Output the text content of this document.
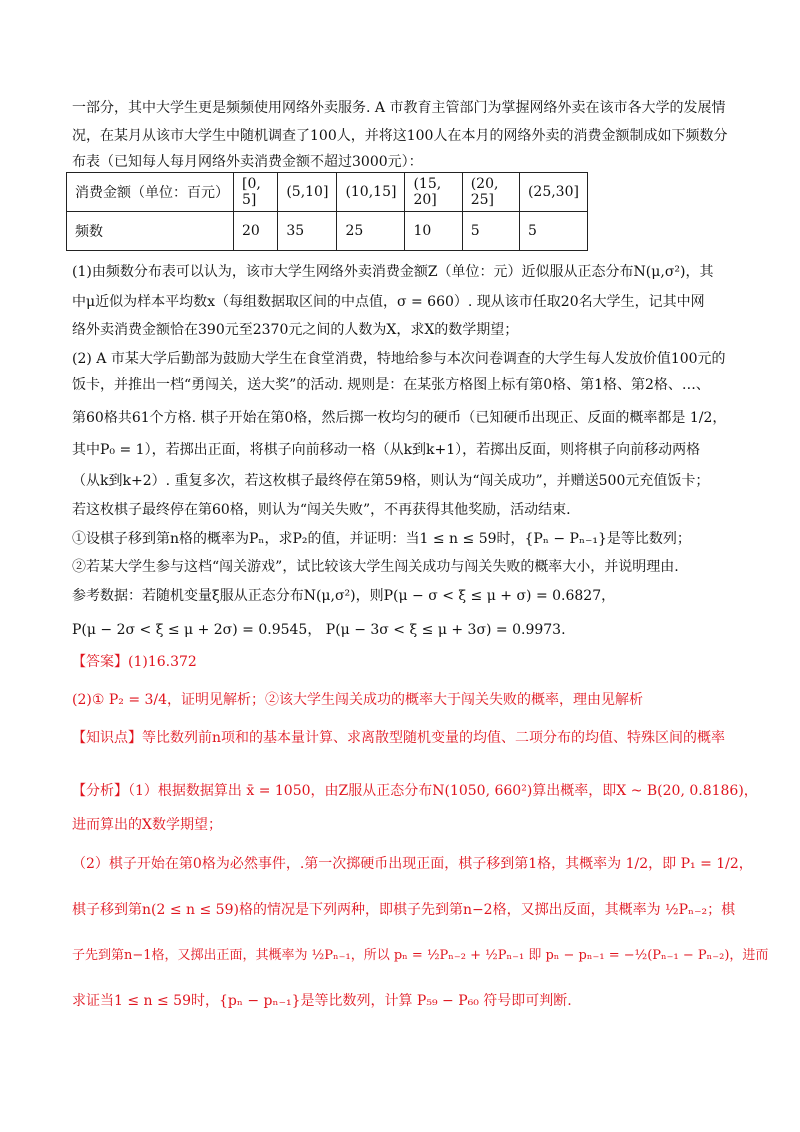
一部分，其中大学生更是频频使用网络外卖服务. A 市教育主管部门为掌握网络外卖在该市各大学的发展情
况，在某月从该市大学生中随机调查了100人，并将这100人在本月的网络外卖的消费金额制成如下频数分
布表（已知每人每月网络外卖消费金额不超过3000元）：
消费金额（单位：百元）	[0, 5]	(5,10]	(10,15]	(15, 20]	(20, 25]	(25,30]
频数	20	35	25	10	5	5
(1)由频数分布表可以认为，该市大学生网络外卖消费金额Z（单位：元）近似服从正态分布N(μ,σ²)，其
中μ近似为样本平均数x（每组数据取区间的中点值，σ = 660）. 现从该市任取20名大学生，记其中网
络外卖消费金额恰在390元至2370元之间的人数为X，求X的数学期望；
(2) A 市某大学后勤部为鼓励大学生在食堂消费，特地给参与本次问卷调查的大学生每人发放价值100元的
饭卡，并推出一档“勇闯关，送大奖”的活动. 规则是：在某张方格图上标有第0格、第1格、第2格、…、
第60格共61个方格. 棋子开始在第0格，然后掷一枚均匀的硬币（已知硬币出现正、反面的概率都是 1/2，
其中P₀ = 1），若掷出正面，将棋子向前移动一格（从k到k+1），若掷出反面，则将棋子向前移动两格
（从k到k+2）. 重复多次，若这枚棋子最终停在第59格，则认为“闯关成功”，并赠送500元充值饭卡；
若这枚棋子最终停在第60格，则认为“闯关失败”，不再获得其他奖励，活动结束.
①设棋子移到第n格的概率为Pₙ，求P₂的值，并证明：当1 ≤ n ≤ 59时，{Pₙ − Pₙ₋₁}是等比数列；
②若某大学生参与这档“闯关游戏”，试比较该大学生闯关成功与闯关失败的概率大小，并说明理由.
参考数据：若随机变量ξ服从正态分布N(μ,σ²)，则P(μ − σ < ξ ≤ μ + σ) = 0.6827，
P(μ − 2σ < ξ ≤ μ + 2σ) = 0.9545， P(μ − 3σ < ξ ≤ μ + 3σ) = 0.9973.
【答案】(1)16.372
(2)① P₂ = 3/4，证明见解析；②该大学生闯关成功的概率大于闯关失败的概率，理由见解析
【知识点】等比数列前n项和的基本量计算、求离散型随机变量的均值、二项分布的均值、特殊区间的概率
【分析】（1）根据数据算出 x̄ = 1050，由Z服从正态分布N(1050, 660²)算出概率，即X ~ B(20, 0.8186)，
进而算出的X数学期望；
（2）棋子开始在第0格为必然事件，.第一次掷硬币出现正面，棋子移到第1格，其概率为 1/2，即 P₁ = 1/2，
棋子移到第n(2 ≤ n ≤ 59)格的情况是下列两种，即棋子先到第n−2格，又掷出反面，其概率为 ½Pₙ₋₂；棋
子先到第n−1格，又掷出正面，其概率为 ½Pₙ₋₁，所以 pₙ = ½Pₙ₋₂ + ½Pₙ₋₁ 即 pₙ − pₙ₋₁ = −½(Pₙ₋₁ − Pₙ₋₂)，进而
求证当1 ≤ n ≤ 59时，{pₙ − pₙ₋₁}是等比数列，计算 P₅₉ − P₆₀ 符号即可判断.
